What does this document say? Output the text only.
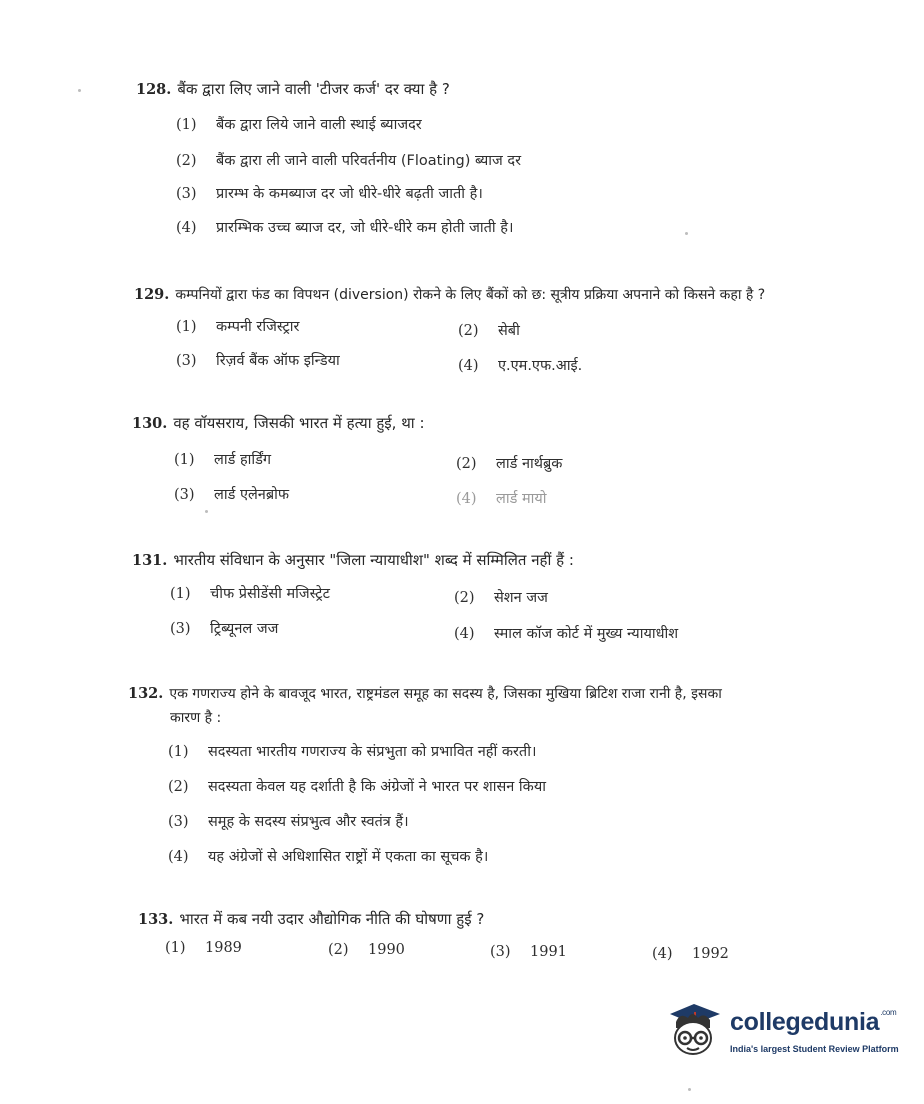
128. बैंक द्वारा लिए जाने वाली 'टीजर कर्ज' दर क्या है ?
(1) बैंक द्वारा लिये जाने वाली स्थाई ब्याजदर
(2) बैंक द्वारा ली जाने वाली परिवर्तनीय (Floating) ब्याज दर
(3) प्रारम्भ के कमब्याज दर जो धीरे-धीरे बढ़ती जाती है।
(4) प्रारम्भिक उच्च ब्याज दर, जो धीरे-धीरे कम होती जाती है।
129. कम्पनियों द्वारा फंड का विपथन (diversion) रोकने के लिए बैंकों को छ: सूत्रीय प्रक्रिया अपनाने को किसने कहा है ?
(1) कम्पनी रजिस्ट्रार	(2) सेबी
(3) रिज़र्व बैंक ऑफ इन्डिया	(4) ए.एम.एफ.आई.
130. वह वॉयसराय, जिसकी भारत में हत्या हुई, था :
(1) लार्ड हार्डिंग	(2) लार्ड नार्थब्रुक
(3) लार्ड एलेनब्रोफ	(4) लार्ड मायो
131. भारतीय संविधान के अनुसार "जिला न्यायाधीश" शब्द में सम्मिलित नहीं हैं :
(1) चीफ प्रेसीडेंसी मजिस्ट्रेट	(2) सेशन जज
(3) ट्रिब्यूनल जज	(4) स्माल कॉज कोर्ट में मुख्य न्यायाधीश
132. एक गणराज्य होने के बावजूद भारत, राष्ट्रमंडल समूह का सदस्य है, जिसका मुखिया ब्रिटिश राजा रानी है, इसका
कारण है :
(1) सदस्यता भारतीय गणराज्य के संप्रभुता को प्रभावित नहीं करती।
(2) सदस्यता केवल यह दर्शाती है कि अंग्रेजों ने भारत पर शासन किया
(3) समूह के सदस्य संप्रभुत्व और स्वतंत्र हैं।
(4) यह अंग्रेजों से अधिशासित राष्ट्रों में एकता का सूचक है।
133. भारत में कब नयी उदार औद्योगिक नीति की घोषणा हुई ?
(1) 1989	(2) 1990	(3) 1991	(4) 1992
collegedunia$^{.com}$
India's largest Student Review Platform
